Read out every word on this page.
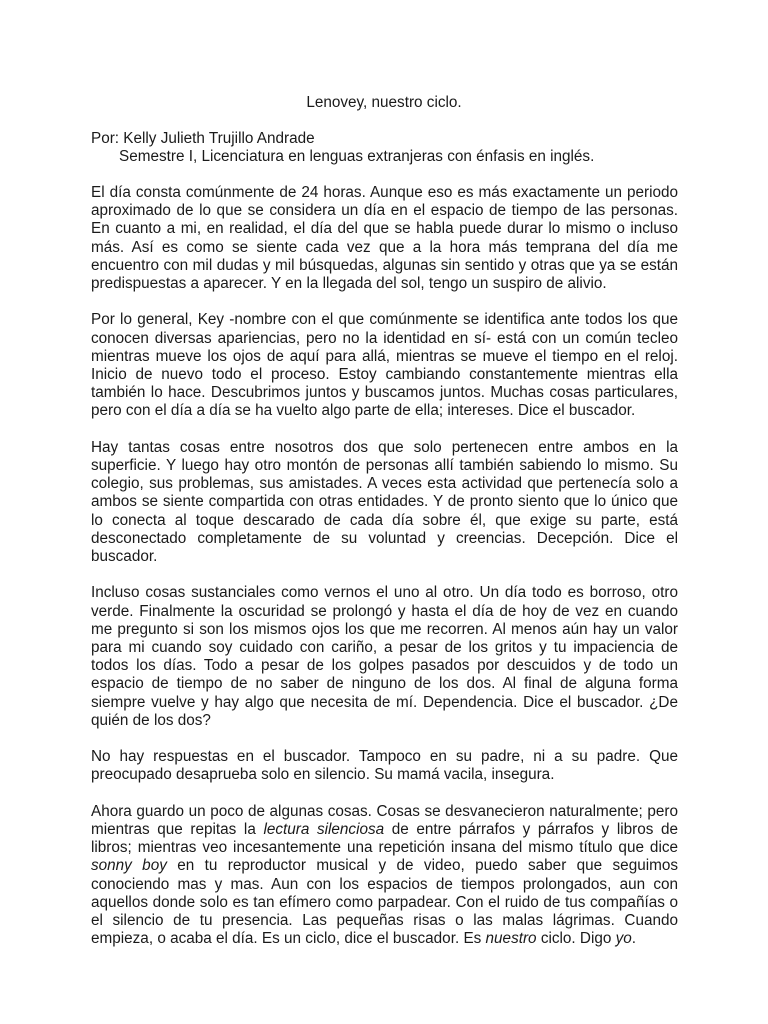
Lenovey, nuestro ciclo.
Por: Kelly Julieth Trujillo Andrade
Semestre I, Licenciatura en lenguas extranjeras con énfasis en inglés.

El día consta comúnmente de 24 horas. Aunque eso es más exactamente un periodo aproximado de lo que se considera un día en el espacio de tiempo de las personas. En cuanto a mi, en realidad, el día del que se habla puede durar lo mismo o incluso más. Así es como se siente cada vez que a la hora más temprana del día me encuentro con mil dudas y mil búsquedas, algunas sin sentido y otras que ya se están predispuestas a aparecer. Y en la llegada del sol, tengo un suspiro de alivio.

Por lo general, Key -nombre con el que comúnmente se identifica ante todos los que conocen diversas apariencias, pero no la identidad en sí- está con un común tecleo mientras mueve los ojos de aquí para allá, mientras se mueve el tiempo en el reloj. Inicio de nuevo todo el proceso. Estoy cambiando constantemente mientras ella también lo hace. Descubrimos juntos y buscamos juntos. Muchas cosas particulares, pero con el día a día se ha vuelto algo parte de ella; intereses. Dice el buscador.

Hay tantas cosas entre nosotros dos que solo pertenecen entre ambos en la superficie. Y luego hay otro montón de personas allí también sabiendo lo mismo. Su colegio, sus problemas, sus amistades. A veces esta actividad que pertenecía solo a ambos se siente compartida con otras entidades. Y de pronto siento que lo único que lo conecta al toque descarado de cada día sobre él, que exige su parte, está desconectado completamente de su voluntad y creencias. Decepción. Dice el buscador.

Incluso cosas sustanciales como vernos el uno al otro. Un día todo es borroso, otro verde. Finalmente la oscuridad se prolongó y hasta el día de hoy de vez en cuando me pregunto si son los mismos ojos los que me recorren. Al menos aún hay un valor para mi cuando soy cuidado con cariño, a pesar de los gritos y tu impaciencia de todos los días. Todo a pesar de los golpes pasados por descuidos y de todo un espacio de tiempo de no saber de ninguno de los dos. Al final de alguna forma siempre vuelve y hay algo que necesita de mí. Dependencia. Dice el buscador. ¿De quién de los dos?

No hay respuestas en el buscador. Tampoco en su padre, ni a su padre. Que preocupado desaprueba solo en silencio. Su mamá vacila, insegura.

Ahora guardo un poco de algunas cosas. Cosas se desvanecieron naturalmente; pero mientras que repitas la lectura silenciosa de entre párrafos y párrafos y libros de libros; mientras veo incesantemente una repetición insana del mismo título que dice sonny boy en tu reproductor musical y de video, puedo saber que seguimos conociendo mas y mas. Aun con los espacios de tiempos prolongados, aun con aquellos donde solo es tan efímero como parpadear. Con el ruido de tus compañías o el silencio de tu presencia. Las pequeñas risas o las malas lágrimas. Cuando empieza, o acaba el día. Es un ciclo, dice el buscador. Es nuestro ciclo. Digo yo.
